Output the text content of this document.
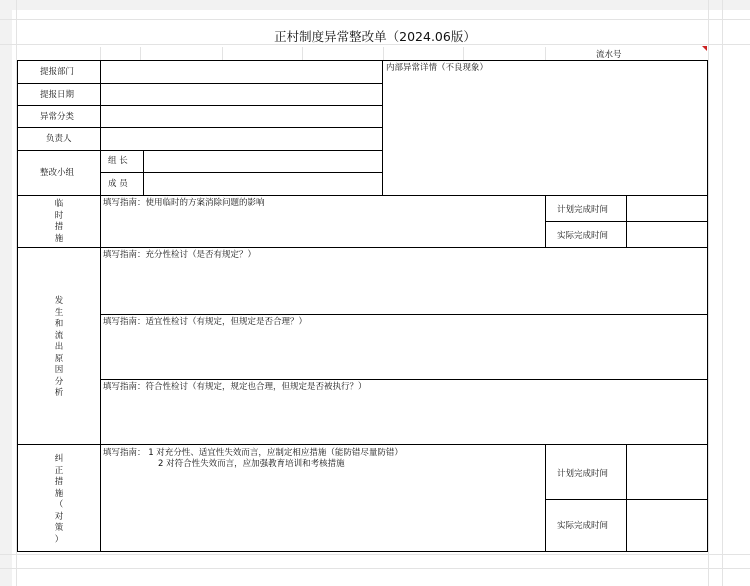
正村制度异常整改单（2024.06版）
流水号
提报部门
提报日期
异常分类
负责人
整改小组
组 长
成 员
内部异常详情（不良现象）
临
时
措
施
填写指南：使用临时的方案消除问题的影响
计划完成时间
实际完成时间
发
生
和
流
出
原
因
分
析
填写指南：充分性检讨（是否有规定？）
填写指南：适宜性检讨（有规定，但规定是否合理？）
填写指南：符合性检讨（有规定，规定也合理，但规定是否被执行？）
纠
正
措
施
（
对
策
）
填写指南： 1 对充分性、适宜性失效而言，应制定相应措施（能防错尽量防错）
2 对符合性失效而言，应加强教育培训和考核措施
计划完成时间
实际完成时间
